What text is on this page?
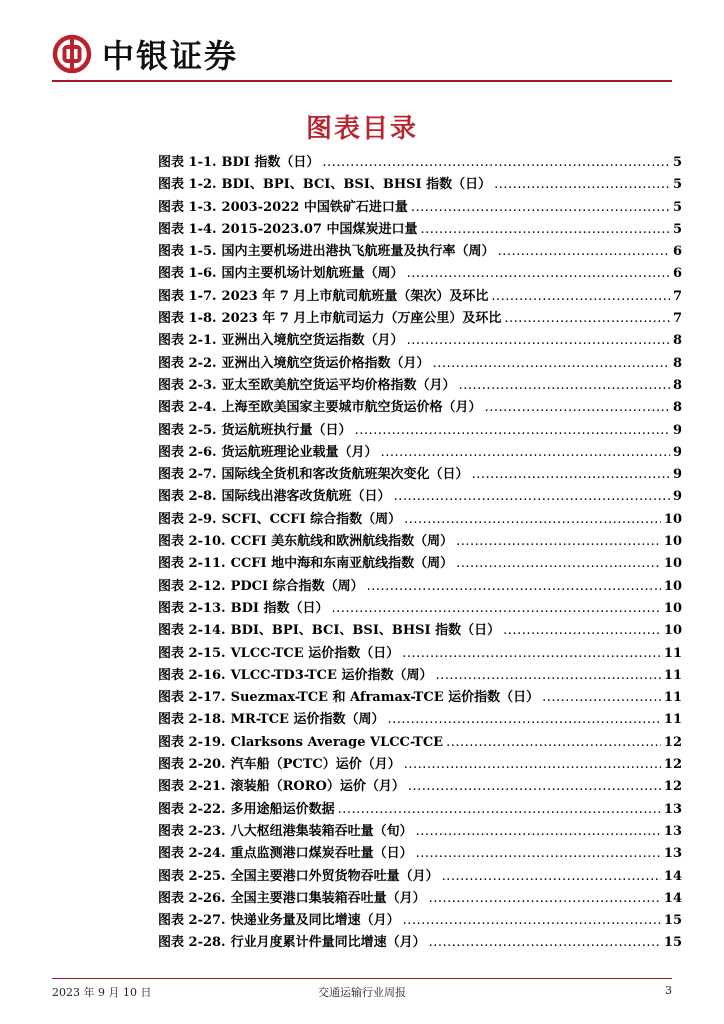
中银证券
图表目录
图表 1-1. BDI 指数（日） .....	5
图表 1-2. BDI、BPI、BCI、BSI、BHSI 指数（日） .....	5
图表 1-3. 2003-2022 中国铁矿石进口量 .....	5
图表 1-4. 2015-2023.07 中国煤炭进口量 .....	5
图表 1-5. 国内主要机场进出港执飞航班量及执行率（周） .....	6
图表 1-6. 国内主要机场计划航班量（周） .....	6
图表 1-7. 2023 年 7 月上市航司航班量（架次）及环比 .....	7
图表 1-8. 2023 年 7 月上市航司运力（万座公里）及环比 .....	7
图表 2-1. 亚洲出入境航空货运指数（月） .....	8
图表 2-2. 亚洲出入境航空货运价格指数（月） .....	8
图表 2-3. 亚太至欧美航空货运平均价格指数（月） .....	8
图表 2-4. 上海至欧美国家主要城市航空货运价格（月） .....	8
图表 2-5. 货运航班执行量（日） .....	9
图表 2-6. 货运航班理论业载量（月） .....	9
图表 2-7. 国际线全货机和客改货航班架次变化（日） .....	9
图表 2-8. 国际线出港客改货航班（日） .....	9
图表 2-9. SCFI、CCFI 综合指数（周） .....	10
图表 2-10. CCFI 美东航线和欧洲航线指数（周） .....	10
图表 2-11. CCFI 地中海和东南亚航线指数（周） .....	10
图表 2-12. PDCI 综合指数（周） .....	10
图表 2-13. BDI 指数（日） .....	10
图表 2-14. BDI、BPI、BCI、BSI、BHSI 指数（日） .....	10
图表 2-15. VLCC-TCE 运价指数（日） .....	11
图表 2-16. VLCC-TD3-TCE 运价指数（周） .....	11
图表 2-17. Suezmax-TCE 和 Aframax-TCE 运价指数（日） .....	11
图表 2-18. MR-TCE 运价指数（周） .....	11
图表 2-19. Clarksons Average VLCC-TCE .....	12
图表 2-20. 汽车船（PCTC）运价（月） .....	12
图表 2-21. 滚装船（RORO）运价（月） .....	12
图表 2-22. 多用途船运价数据 .....	13
图表 2-23. 八大枢纽港集装箱吞吐量（旬） .....	13
图表 2-24. 重点监测港口煤炭吞吐量（日） .....	13
图表 2-25. 全国主要港口外贸货物吞吐量（月） .....	14
图表 2-26. 全国主要港口集装箱吞吐量（月） .....	14
图表 2-27. 快递业务量及同比增速（月） .....	15
图表 2-28. 行业月度累计件量同比增速（月） .....	15
2023 年 9 月 10 日	交通运输行业周报	3
